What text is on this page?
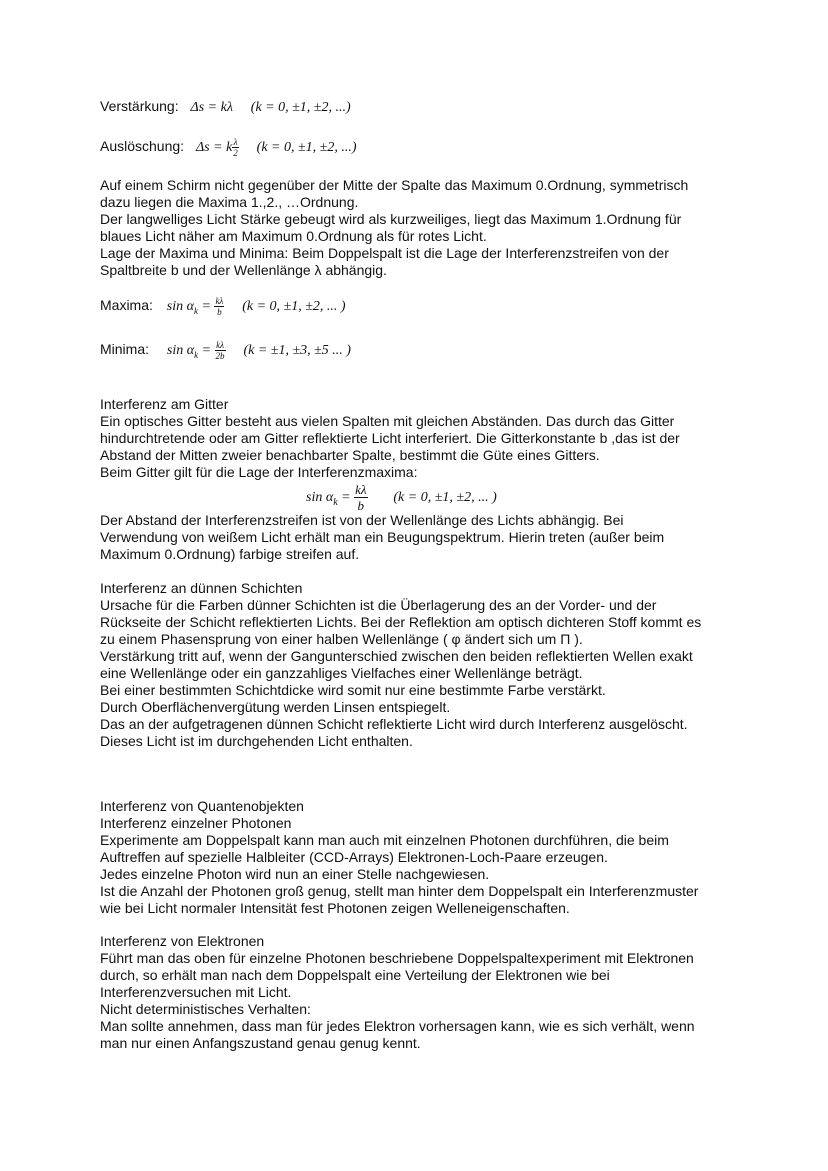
Verstärkung: Δs = kλ (k = 0, ±1, ±2, ...)
Auslöschung: Δs = k $\frac{\lambda}{2} (k = 0$, ±1, ±2, ...)
Auf einem Schirm nicht gegenüber der Mitte der Spalte das Maximum 0.Ordnung, symmetrisch
dazu liegen die Maxima 1.,2., …Ordnung.
Der langwelliges Licht Stärke gebeugt wird als kurzweiliges, liegt das Maximum 1.Ordnung für
blaues Licht näher am Maximum 0.Ordnung als für rotes Licht.
Lage der Maxima und Minima: Beim Doppelspalt ist die Lage der Interferenzstreifen von der
Spaltbreite b und der Wellenlänge λ abhängig.
Maxima: $\sin \alpha_k = \frac{k\lambda}{b} (k = 0$, ±1, ±2, ... )
Minima: $\sin \alpha_k = \frac{k\lambda}{2b} (k = \pm 1$, ±3, ±5 ... )
Interferenz am Gitter
Ein optisches Gitter besteht aus vielen Spalten mit gleichen Abständen. Das durch das Gitter
hindurchtretende oder am Gitter reflektierte Licht interferiert. Die Gitterkonstante b ,das ist der
Abstand der Mitten zweier benachbarter Spalte, bestimmt die Güte eines Gitters.
Beim Gitter gilt für die Lage der Interferenzmaxima:
$\sin \alpha_k = \frac{k\lambda}{b} (k = 0$, ±1, ±2, ... )
Der Abstand der Interferenzstreifen ist von der Wellenlänge des Lichts abhängig. Bei
Verwendung von weißem Licht erhält man ein Beugungspektrum. Hierin treten (außer beim
Maximum 0.Ordnung) farbige streifen auf.
Interferenz an dünnen Schichten
Ursache für die Farben dünner Schichten ist die Überlagerung des an der Vorder- und der
Rückseite der Schicht reflektierten Lichts. Bei der Reflektion am optisch dichteren Stoff kommt es
zu einem Phasensprung von einer halben Wellenlänge ( φ ändert sich um Π ).
Verstärkung tritt auf, wenn der Gangunterschied zwischen den beiden reflektierten Wellen exakt
eine Wellenlänge oder ein ganzzahliges Vielfaches einer Wellenlänge beträgt.
Bei einer bestimmten Schichtdicke wird somit nur eine bestimmte Farbe verstärkt.
Durch Oberflächenvergütung werden Linsen entspiegelt.
Das an der aufgetragenen dünnen Schicht reflektierte Licht wird durch Interferenz ausgelöscht.
Dieses Licht ist im durchgehenden Licht enthalten.
Interferenz von Quantenobjekten
Interferenz einzelner Photonen
Experimente am Doppelspalt kann man auch mit einzelnen Photonen durchführen, die beim
Auftreffen auf spezielle Halbleiter (CCD-Arrays) Elektronen-Loch-Paare erzeugen.
Jedes einzelne Photon wird nun an einer Stelle nachgewiesen.
Ist die Anzahl der Photonen groß genug, stellt man hinter dem Doppelspalt ein Interferenzmuster
wie bei Licht normaler Intensität fest Photonen zeigen Welleneigenschaften.
Interferenz von Elektronen
Führt man das oben für einzelne Photonen beschriebene Doppelspaltexperiment mit Elektronen
durch, so erhält man nach dem Doppelspalt eine Verteilung der Elektronen wie bei
Interferenzversuchen mit Licht.
Nicht deterministisches Verhalten:
Man sollte annehmen, dass man für jedes Elektron vorhersagen kann, wie es sich verhält, wenn
man nur einen Anfangszustand genau genug kennt.
